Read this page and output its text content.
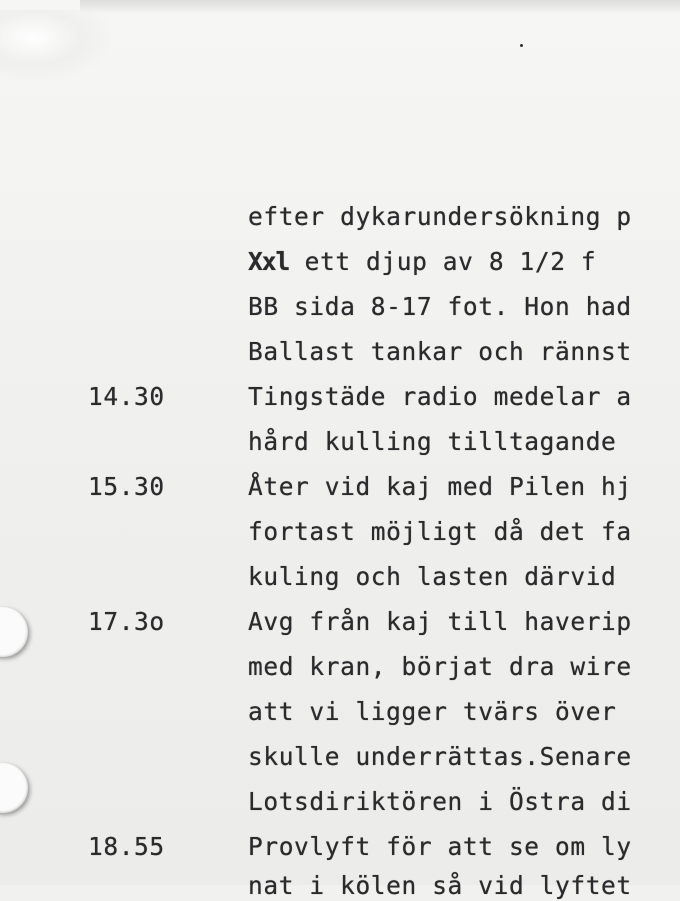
efter dykarundersökning p
Xxl ett djup av 8 1/2 f
BB sida 8-17 fot. Hon had
Ballast tankar och rännst
14.30	Tingstäde radio medelar a
hård kulling tilltagande
15.30	Åter vid kaj med Pilen hj
fortast möjligt då det fa
kuling och lasten därvid
17.3o	Avg från kaj till haverip
med kran, börjat dra wire
att vi ligger tvärs över
skulle underrättas.Senare
Lotsdiriktören i Östra di
18.55	Provlyft för att se om ly
nat i kölen så vid lyftet
